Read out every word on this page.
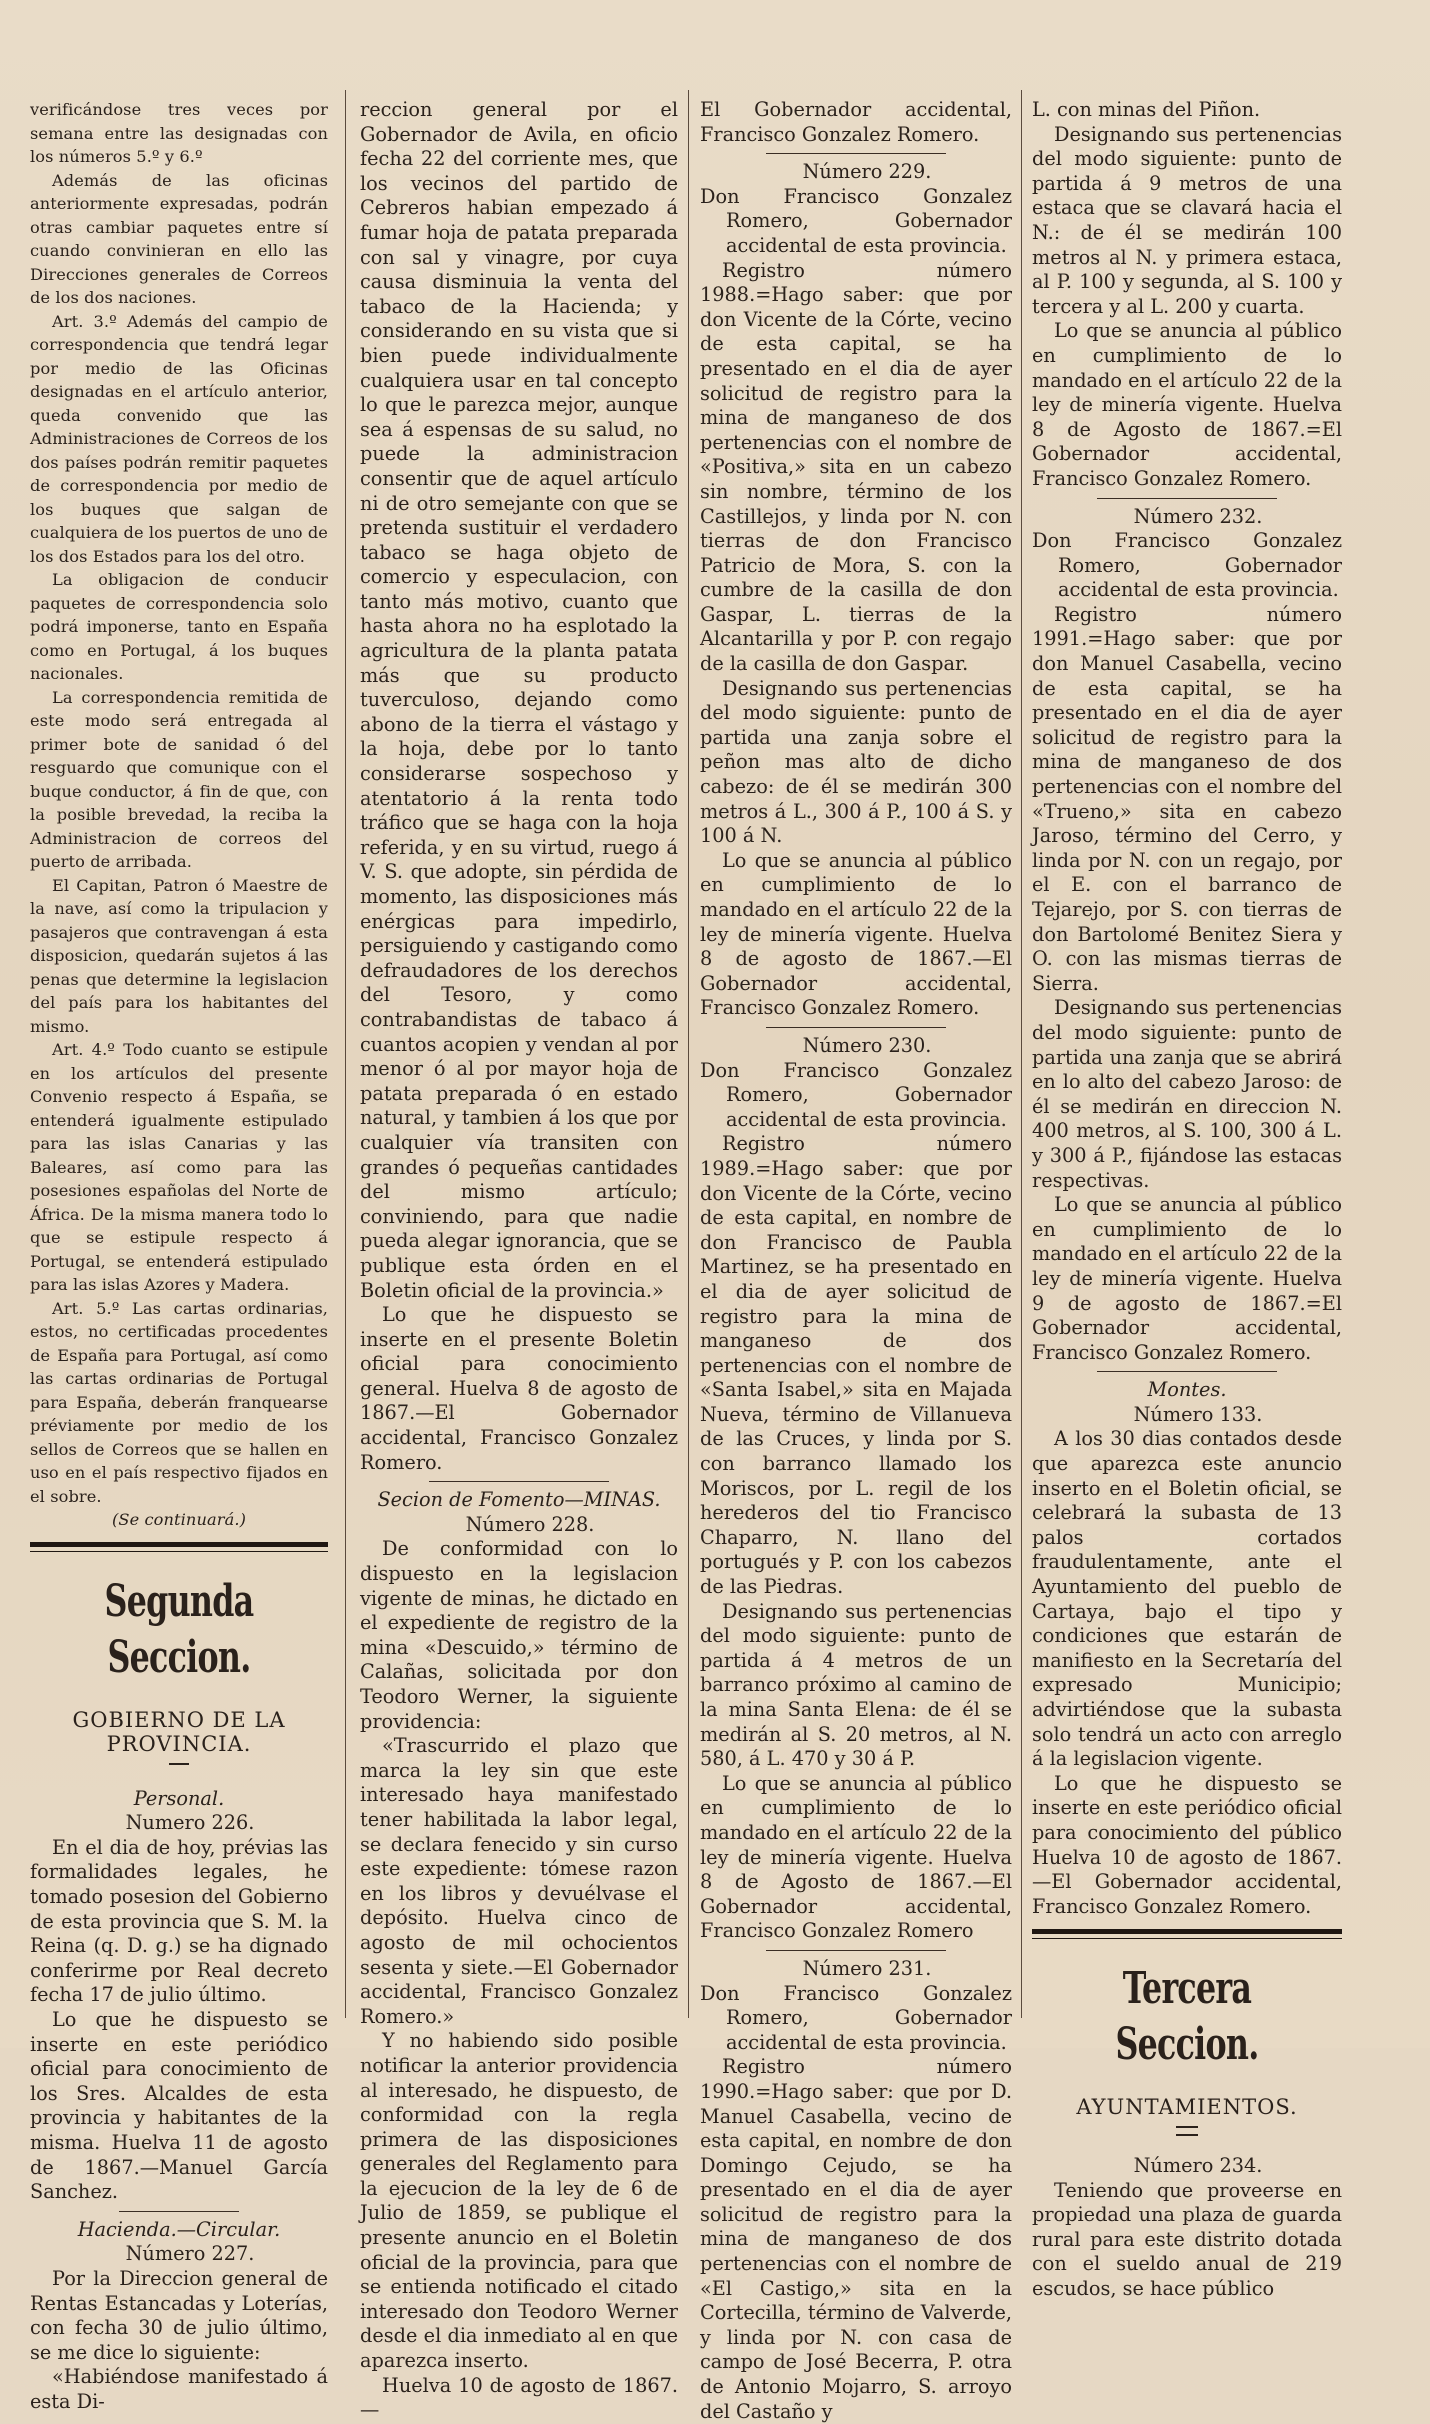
verificándose tres veces por semana entre las designadas con los números 5.º y 6.º

Además de las oficinas anteriormente expresadas, podrán otras cambiar paquetes entre sí cuando convinieran en ello las Direcciones generales de Correos de los dos naciones.

Art. 3.º Además del campio de correspondencia que tendrá legar por medio de las Oficinas designadas en el artículo anterior, queda convenido que las Administraciones de Correos de los dos países podrán remitir paquetes de correspondencia por medio de los buques que salgan de cualquiera de los puertos de uno de los dos Estados para los del otro.

La obligacion de conducir paquetes de correspondencia solo podrá imponerse, tanto en España como en Portugal, á los buques nacionales.

La correspondencia remitida de este modo será entregada al primer bote de sanidad ó del resguardo que comunique con el buque conductor, á fin de que, con la posible brevedad, la reciba la Administracion de correos del puerto de arribada.

El Capitan, Patron ó Maestre de la nave, así como la tripulacion y pasajeros que contravengan á esta disposicion, quedarán sujetos á las penas que determine la legislacion del país para los habitantes del mismo.

Art. 4.º Todo cuanto se estipule en los artículos del presente Convenio respecto á España, se entenderá igualmente estipulado para las islas Canarias y las Baleares, así como para las posesiones españolas del Norte de África. De la misma manera todo lo que se estipule respecto á Portugal, se entenderá estipulado para las islas Azores y Madera.

Art. 5.º Las cartas ordinarias, estos, no certificadas procedentes de España para Portugal, así como las cartas ordinarias de Portugal para España, deberán franquearse préviamente por medio de los sellos de Correos que se hallen en uso en el país respectivo fijados en el sobre.

(Se continuará.)

Segunda Seccion.
GOBIERNO DE LA PROVINCIA.

Personal.

Numero 226.

En el dia de hoy, prévias las formalidades legales, he tomado posesion del Gobierno de esta provincia que S. M. la Reina (q. D. g.) se ha dignado conferirme por Real decreto fecha 17 de julio último.

Lo que he dispuesto se inserte en este periódico oficial para conocimiento de los Sres. Alcaldes de esta provincia y habitantes de la misma. Huelva 11 de agosto de 1867.—Manuel García Sanchez.

Hacienda.—Circular.

Número 227.

Por la Direccion general de Rentas Estancadas y Loterías, con fecha 30 de julio último, se me dice lo siguiente:

«Habiéndose manifestado á esta Di-

reccion general por el Gobernador de Avila, en oficio fecha 22 del corriente mes, que los vecinos del partido de Cebreros habian empezado á fumar hoja de patata preparada con sal y vinagre, por cuya causa disminuia la venta del tabaco de la Hacienda; y considerando en su vista que si bien puede individualmente cualquiera usar en tal concepto lo que le parezca mejor, aunque sea á espensas de su salud, no puede la administracion consentir que de aquel artículo ni de otro semejante con que se pretenda sustituir el verdadero tabaco se haga objeto de comercio y especulacion, con tanto más motivo, cuanto que hasta ahora no ha esplotado la agricultura de la planta patata más que su producto tuverculoso, dejando como abono de la tierra el vástago y la hoja, debe por lo tanto considerarse sospechoso y atentatorio á la renta todo tráfico que se haga con la hoja referida, y en su virtud, ruego á V. S. que adopte, sin pérdida de momento, las disposiciones más enérgicas para impedirlo, persiguiendo y castigando como defraudadores de los derechos del Tesoro, y como contrabandistas de tabaco á cuantos acopien y vendan al por menor ó al por mayor hoja de patata preparada ó en estado natural, y tambien á los que por cualquier vía transiten con grandes ó pequeñas cantidades del mismo artículo; conviniendo, para que nadie pueda alegar ignorancia, que se publique esta órden en el Boletin oficial de la provincia.»

Lo que he dispuesto se inserte en el presente Boletin oficial para conocimiento general. Huelva 8 de agosto de 1867.—El Gobernador accidental, Francisco Gonzalez Romero.

Secion de Fomento—MINAS.

Número 228.

De conformidad con lo dispuesto en la legislacion vigente de minas, he dictado en el expediente de registro de la mina «Descuido,» término de Calañas, solicitada por don Teodoro Werner, la siguiente providencia:

«Trascurrido el plazo que marca la ley sin que este interesado haya manifestado tener habilitada la labor legal, se declara fenecido y sin curso este expediente: tómese razon en los libros y devuélvase el depósito. Huelva cinco de agosto de mil ochocientos sesenta y siete.—El Gobernador accidental, Francisco Gonzalez Romero.»

Y no habiendo sido posible notificar la anterior providencia al interesado, he dispuesto, de conformidad con la regla primera de las disposiciones generales del Reglamento para la ejecucion de la ley de 6 de Julio de 1859, se publique el presente anuncio en el Boletin oficial de la provincia, para que se entienda notificado el citado interesado don Teodoro Werner desde el dia inmediato al en que aparezca inserto.

Huelva 10 de agosto de 1867.—

El Gobernador accidental, Francisco Gonzalez Romero.

Número 229.

Don Francisco Gonzalez Romero, Gobernador accidental de esta provincia.

Registro número 1988.=Hago saber: que por don Vicente de la Córte, vecino de esta capital, se ha presentado en el dia de ayer solicitud de registro para la mina de manganeso de dos pertenencias con el nombre de «Positiva,» sita en un cabezo sin nombre, término de los Castillejos, y linda por N. con tierras de don Francisco Patricio de Mora, S. con la cumbre de la casilla de don Gaspar, L. tierras de la Alcantarilla y por P. con regajo de la casilla de don Gaspar.

Designando sus pertenencias del modo siguiente: punto de partida una zanja sobre el peñon mas alto de dicho cabezo: de él se medirán 300 metros á L., 300 á P., 100 á S. y 100 á N.

Lo que se anuncia al público en cumplimiento de lo mandado en el artículo 22 de la ley de minería vigente. Huelva 8 de agosto de 1867.—El Gobernador accidental, Francisco Gonzalez Romero.

Número 230.

Don Francisco Gonzalez Romero, Gobernador accidental de esta provincia.

Registro número 1989.=Hago saber: que por don Vicente de la Córte, vecino de esta capital, en nombre de don Francisco de Paubla Martinez, se ha presentado en el dia de ayer solicitud de registro para la mina de manganeso de dos pertenencias con el nombre de «Santa Isabel,» sita en Majada Nueva, término de Villanueva de las Cruces, y linda por S. con barranco llamado los Moriscos, por L. regil de los herederos del tio Francisco Chaparro, N. llano del portugués y P. con los cabezos de las Piedras.

Designando sus pertenencias del modo siguiente: punto de partida á 4 metros de un barranco próximo al camino de la mina Santa Elena: de él se medirán al S. 20 metros, al N. 580, á L. 470 y 30 á P.

Lo que se anuncia al público en cumplimiento de lo mandado en el artículo 22 de la ley de minería vigente. Huelva 8 de Agosto de 1867.—El Gobernador accidental, Francisco Gonzalez Romero

Número 231.

Don Francisco Gonzalez Romero, Gobernador accidental de esta provincia.

Registro número 1990.=Hago saber: que por D. Manuel Casabella, vecino de esta capital, en nombre de don Domingo Cejudo, se ha presentado en el dia de ayer solicitud de registro para la mina de manganeso de dos pertenencias con el nombre de «El Castigo,» sita en la Cortecilla, término de Valverde, y linda por N. con casa de campo de José Becerra, P. otra de Antonio Mojarro, S. arroyo del Castaño y

L. con minas del Piñon.

Designando sus pertenencias del modo siguiente: punto de partida á 9 metros de una estaca que se clavará hacia el N.: de él se medirán 100 metros al N. y primera estaca, al P. 100 y segunda, al S. 100 y tercera y al L. 200 y cuarta.

Lo que se anuncia al público en cumplimiento de lo mandado en el artículo 22 de la ley de minería vigente. Huelva 8 de Agosto de 1867.=El Gobernador accidental, Francisco Gonzalez Romero.

Número 232.

Don Francisco Gonzalez Romero, Gobernador accidental de esta provincia.

Registro número 1991.=Hago saber: que por don Manuel Casabella, vecino de esta capital, se ha presentado en el dia de ayer solicitud de registro para la mina de manganeso de dos pertenencias con el nombre del «Trueno,» sita en cabezo Jaroso, término del Cerro, y linda por N. con un regajo, por el E. con el barranco de Tejarejo, por S. con tierras de don Bartolomé Benitez Siera y O. con las mismas tierras de Sierra.

Designando sus pertenencias del modo siguiente: punto de partida una zanja que se abrirá en lo alto del cabezo Jaroso: de él se medirán en direccion N. 400 metros, al S. 100, 300 á L. y 300 á P., fijándose las estacas respectivas.

Lo que se anuncia al público en cumplimiento de lo mandado en el artículo 22 de la ley de minería vigente. Huelva 9 de agosto de 1867.=El Gobernador accidental, Francisco Gonzalez Romero.

Montes.

Número 133.

A los 30 dias contados desde que aparezca este anuncio inserto en el Boletin oficial, se celebrará la subasta de 13 palos cortados fraudulentamente, ante el Ayuntamiento del pueblo de Cartaya, bajo el tipo y condiciones que estarán de manifiesto en la Secretaría del expresado Municipio; advirtiéndose que la subasta solo tendrá un acto con arreglo á la legislacion vigente.

Lo que he dispuesto se inserte en este periódico oficial para conocimiento del público Huelva 10 de agosto de 1867.—El Gobernador accidental, Francisco Gonzalez Romero.

Tercera Seccion.
AYUNTAMIENTOS.

Número 234.

Teniendo que proveerse en propiedad una plaza de guarda rural para este distrito dotada con el sueldo anual de 219 escudos, se hace público
